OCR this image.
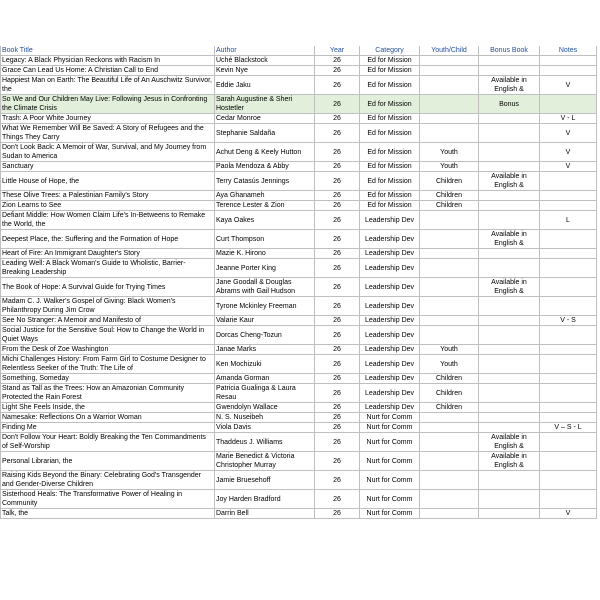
Book Title	Author	Year	Category	Youth/Child	Bonus Book	Notes
Legacy: A Black Physician Reckons with Racism In	Uché Blackstock	26	Ed for Mission			
Grace Can Lead Us Home: A Christian Call to End	Kevin Nye	26	Ed for Mission			
Happiest Man on Earth: The Beautiful Life of An Auschwitz Survivor, the	Eddie Jaku	26	Ed for Mission		Available in English &	V
So We and Our Children May Live: Following Jesus in Confronting the Climate Crisis	Sarah Augustine & Sheri Hostetler	26	Ed for Mission		Bonus	
Trash: A Poor White Journey	Cedar Monroe	26	Ed for Mission			V - L
What We Remember Will Be Saved: A Story of Refugees and the Things They Carry	Stephanie Saldaña	26	Ed for Mission			V
Don't Look Back: A Memoir of War, Survival, and My Journey from Sudan to America	Achut Deng & Keely Hutton	26	Ed for Mission	Youth		V
Sanctuary	Paola Mendoza & Abby	26	Ed for Mission	Youth		V
Little House of Hope, the	Terry Catasús Jennings	26	Ed for Mission	Children	Available in English &	
These Olive Trees: a Palestinian Family's Story	Aya Ghanameh	26	Ed for Mission	Children		
Zion Learns to See	Terence Lester & Zion	26	Ed for Mission	Children		
Defiant Middle: How Women Claim Life's In-Betweens to Remake the World, the	Kaya Oakes	26	Leadership Dev			L
Deepest Place, the: Suffering and the Formation of Hope	Curt Thompson	26	Leadership Dev		Available in English &	
Heart of Fire: An Immigrant Daughter's Story	Mazie K. Hirono	26	Leadership Dev			
Leading Well: A Black Woman's Guide to Wholistic, Barrier-Breaking Leadership	Jeanne Porter King	26	Leadership Dev			
The Book of Hope: A Survival Guide for Trying Times	Jane Goodall & Douglas Abrams with Gail Hudson	26	Leadership Dev		Available in English &	
Madam C. J. Walker's Gospel of Giving: Black Women's Philanthropy During Jim Crow	Tyrone Mckinley Freeman	26	Leadership Dev			
See No Stranger: A Memoir and Manifesto of	Valarie Kaur	26	Leadership Dev			V - S
Social Justice for the Sensitive Soul: How to Change the World in Quiet Ways	Dorcas Cheng-Tozun	26	Leadership Dev			
From the Desk of Zoe Washington	Janae Marks	26	Leadership Dev	Youth		
Michi Challenges History: From Farm Girl to Costume Designer to Relentless Seeker of the Truth: The Life of	Ken Mochizuki	26	Leadership Dev	Youth		
Something, Someday	Amanda Gorman	26	Leadership Dev	Children		
Stand as Tall as the Trees: How an Amazonian Community Protected the Rain Forest	Patricia Gualinga & Laura Resau	26	Leadership Dev	Children		
Light She Feels Inside, the	Gwendolyn Wallace	26	Leadership Dev	Children		
Namesake: Reflections On a Warrior Woman	N. S. Nuseibeh	26	Nurt for Comm			
Finding Me	Viola Davis	26	Nurt for Comm			V – S - L
Don't Follow Your Heart: Boldly Breaking the Ten Commandments of Self-Worship	Thaddeus J. Williams	26	Nurt for Comm		Available in English &	
Personal Librarian, the	Marie Benedict & Victoria Christopher Murray	26	Nurt for Comm		Available in English &	
Raising Kids Beyond the Binary: Celebrating God's Transgender and Gender-Diverse Children	Jamie Bruesehoff	26	Nurt for Comm			
Sisterhood Heals: The Transformative Power of Healing in Community	Joy Harden Bradford	26	Nurt for Comm			
Talk, the	Darrin Bell	26	Nurt for Comm			V
